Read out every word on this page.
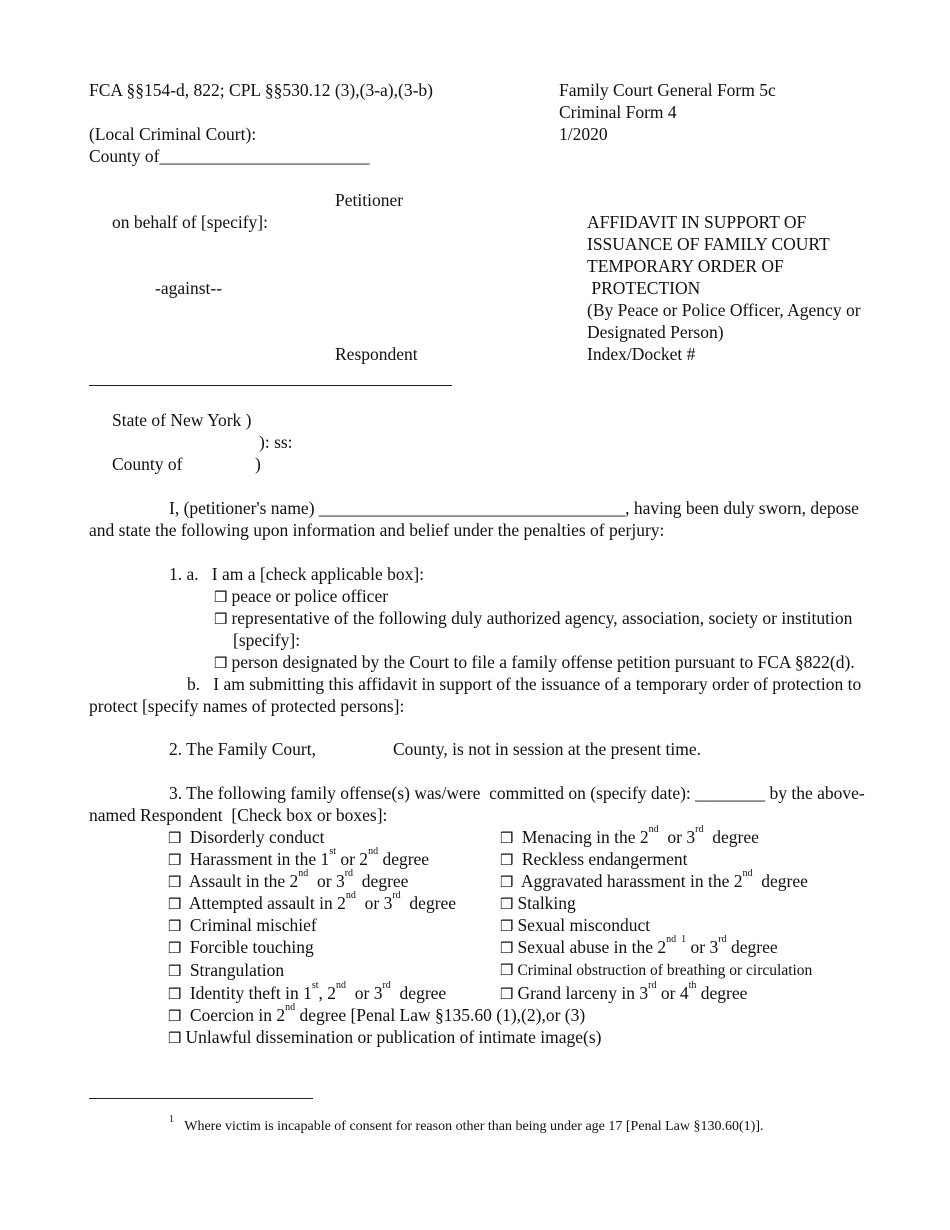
FCA §§154-d, 822; CPL §§530.12 (3),(3-a),(3-b)	Family Court General Form 5c
Criminal Form 4
(Local Criminal Court):	1/2020
County of________________________
Petitioner
on behalf of [specify]:
-against--
Respondent
AFFIDAVIT IN SUPPORT OF
ISSUANCE OF FAMILY COURT
TEMPORARY ORDER OF
PROTECTION
(By Peace or Police Officer, Agency or
Designated Person)
Index/Docket #
State of New York )
): ss:
County of	)
I, (petitioner's name) ___________________________________, having been duly sworn, depose
and state the following upon information and belief under the penalties of perjury:
1. a.   I am a [check applicable box]:
❒ peace or police officer
❒ representative of the following duly authorized agency, association, society or institution
[specify]:
❒ person designated by the Court to file a family offense petition pursuant to FCA §822(d).
b.   I am submitting this affidavit in support of the issuance of a temporary order of protection to
protect [specify names of protected persons]:
2. The Family Court,	County, is not in session at the present time.
3. The following family offense(s) was/were  committed on (specify date): ________ by the above-
named Respondent  [Check box or boxes]:
❒ Disorderly conduct
❒ Harassment in the 1st or 2nd degree
❒ Assault in the 2nd  or 3rd  degree
❒ Attempted assault in 2nd  or 3rd  degree
❒ Criminal mischief
❒ Forcible touching
❒ Strangulation
❒ Identity theft in 1st, 2nd  or 3rd  degree
❒ Menacing in the 2nd  or 3rd  degree
❒ Reckless endangerment
❒ Aggravated harassment in the 2nd  degree
❒ Stalking
❒ Sexual misconduct
❒ Sexual abuse in the $2^{nd 1}$ or 3rd degree
❒ Criminal obstruction of breathing or circulation
❒ Grand larceny in 3rd or 4th degree
❒ Coercion in 2nd degree [Penal Law §135.60 (1),(2),or (3)
❒ Unlawful dissemination or publication of intimate image(s)
$^1$ Where victim is incapable of consent for reason other than being under age 17 [Penal Law §130.60(1)].
